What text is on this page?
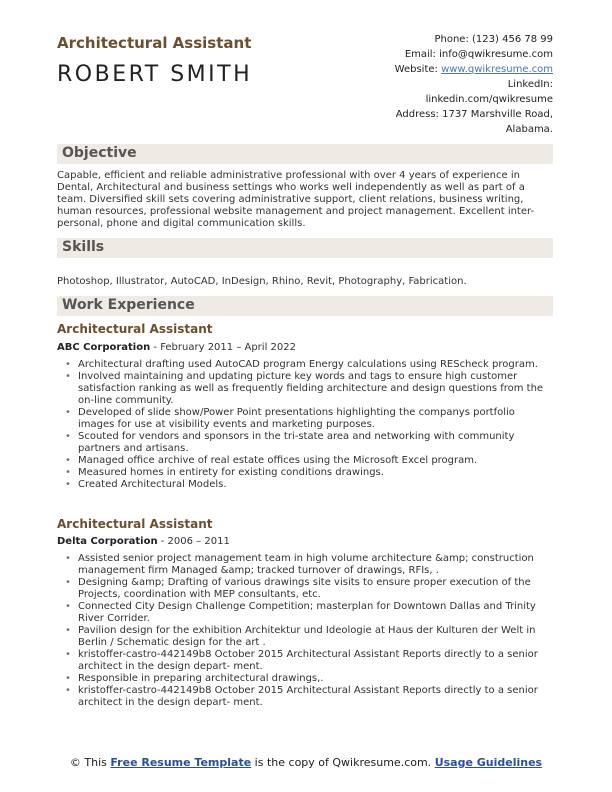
Architectural Assistant
ROBERT SMITH
Phone: (123) 456 78 99
Email: info@qwikresume.com
Website: www.qwikresume.com
LinkedIn:
linkedin.com/qwikresume
Address: 1737 Marshville Road,
Alabama.
Objective
Capable, efficient and reliable administrative professional with over 4 years of experience in Dental, Architectural and business settings who works well independently as well as part of a team. Diversified skill sets covering administrative support, client relations, business writing, human resources, professional website management and project management. Excellent inter-personal, phone and digital communication skills.
Skills
Photoshop, Illustrator, AutoCAD, InDesign, Rhino, Revit, Photography, Fabrication.
Work Experience
Architectural Assistant
ABC Corporation - February 2011 – April 2022
• Architectural drafting used AutoCAD program Energy calculations using REScheck program.
• Involved maintaining and updating picture key words and tags to ensure high customer satisfaction ranking as well as frequently fielding architecture and design questions from the on-line community.
• Developed of slide show/Power Point presentations highlighting the companys portfolio images for use at visibility events and marketing purposes.
• Scouted for vendors and sponsors in the tri-state area and networking with community partners and artisans.
• Managed office archive of real estate offices using the Microsoft Excel program.
• Measured homes in entirety for existing conditions drawings.
• Created Architectural Models.
Architectural Assistant
Delta Corporation - 2006 – 2011
• Assisted senior project management team in high volume architecture &amp; construction management firm Managed &amp; tracked turnover of drawings, RFIs, .
• Designing &amp; Drafting of various drawings site visits to ensure proper execution of the Projects, coordination with MEP consultants, etc.
• Connected City Design Challenge Competition; masterplan for Downtown Dallas and Trinity River Corrider.
• Pavilion design for the exhibition Architektur und Ideologie at Haus der Kulturen der Welt in Berlin / Schematic design for the art .
• kristoffer-castro-442149b8 October 2015 Architectural Assistant Reports directly to a senior architect in the design depart- ment.
• Responsible in preparing architectural drawings,.
• kristoffer-castro-442149b8 October 2015 Architectural Assistant Reports directly to a senior architect in the design depart- ment.
© This Free Resume Template is the copy of Qwikresume.com. Usage Guidelines
